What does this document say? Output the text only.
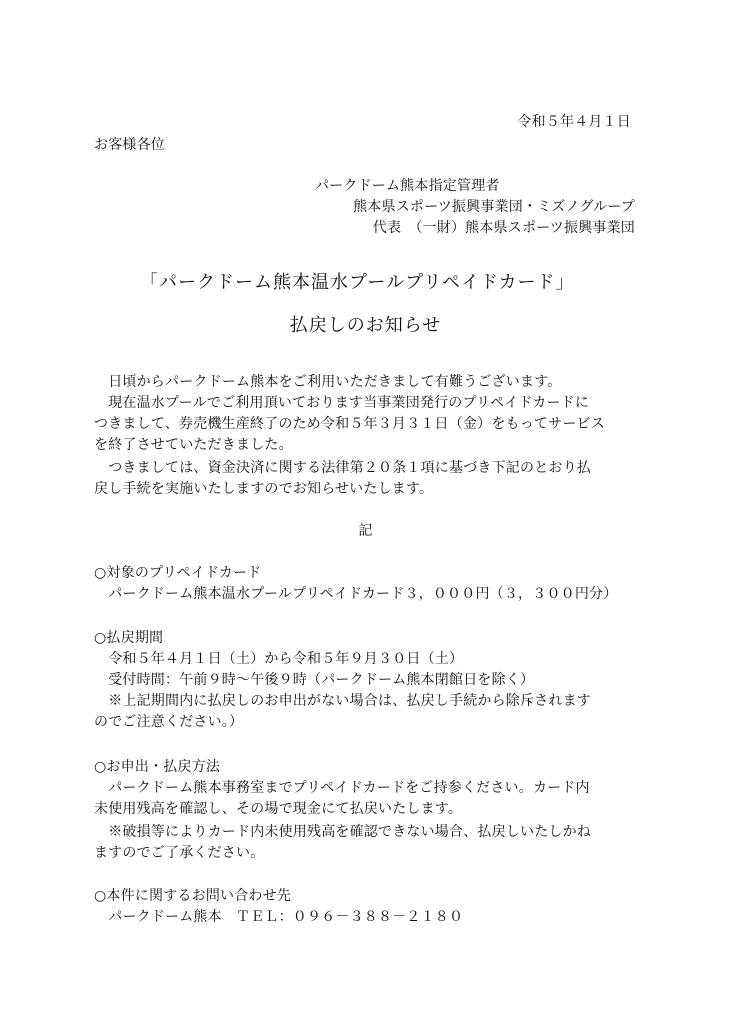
令和５年４月１日
お客様各位
パークドーム熊本指定管理者
熊本県スポーツ振興事業団・ミズノグループ
代表　（一財）熊本県スポーツ振興事業団
「パークドーム熊本温水プールプリペイドカード」
払戻しのお知らせ
　日頃からパークドーム熊本をご利用いただきまして有難うございます。
　現在温水プールでご利用頂いております当事業団発行のプリペイドカードに
つきまして、券売機生産終了のため令和５年３月３１日（金）をもってサービス
を終了させていただきました。
　つきましては、資金決済に関する法律第２０条１項に基づき下記のとおり払
戻し手続を実施いたしますのでお知らせいたします。
記
○対象のプリペイドカード
　パークドーム熊本温水プールプリペイドカード３，０００円（３，３００円分）
○払戻期間
　令和５年４月１日（土）から令和５年９月３０日（土）
　受付時間：午前９時～午後９時（パークドーム熊本閉館日を除く）
　※上記期間内に払戻しのお申出がない場合は、払戻し手続から除斥されます
のでご注意ください。）
○お申出・払戻方法
　パークドーム熊本事務室までプリペイドカードをご持参ください。カード内
未使用残高を確認し、その場で現金にて払戻いたします。
　※破損等によりカード内未使用残高を確認できない場合、払戻しいたしかね
ますのでご了承ください。
○本件に関するお問い合わせ先
　パークドーム熊本　ＴＥＬ：０９６－３８８－２１８０
